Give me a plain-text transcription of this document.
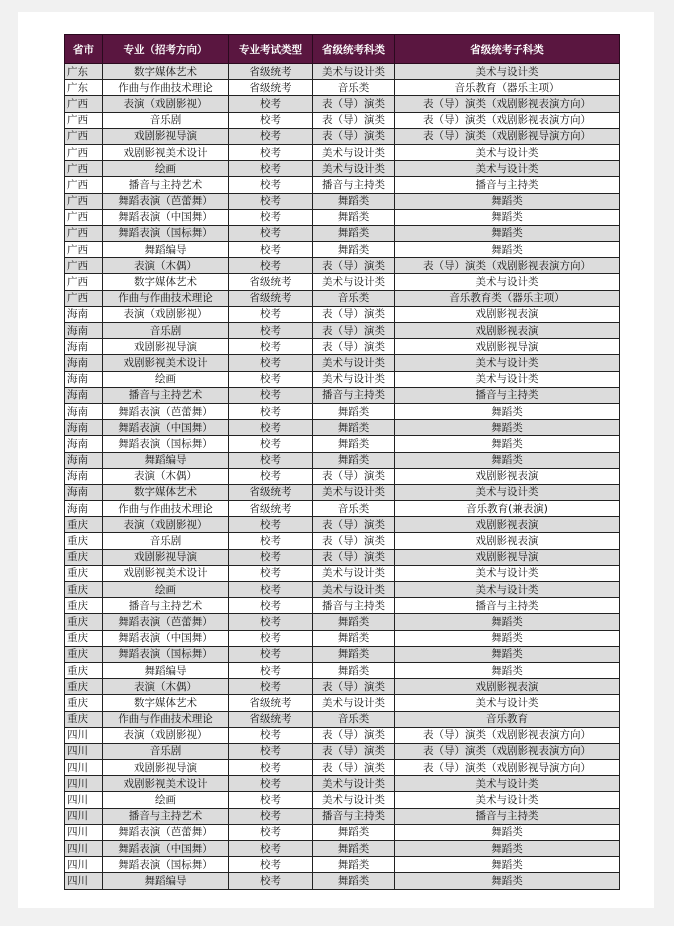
省市	专业（招考方向）	专业考试类型	省级统考科类	省级统考子科类
广东	数字媒体艺术	省级统考	美术与设计类	美术与设计类
广东	作曲与作曲技术理论	省级统考	音乐类	音乐教育（器乐主项）
广西	表演（戏剧影视）	校考	表（导）演类	表（导）演类（戏剧影视表演方向）
广西	音乐剧	校考	表（导）演类	表（导）演类（戏剧影视表演方向）
广西	戏剧影视导演	校考	表（导）演类	表（导）演类（戏剧影视导演方向）
广西	戏剧影视美术设计	校考	美术与设计类	美术与设计类
广西	绘画	校考	美术与设计类	美术与设计类
广西	播音与主持艺术	校考	播音与主持类	播音与主持类
广西	舞蹈表演（芭蕾舞）	校考	舞蹈类	舞蹈类
广西	舞蹈表演（中国舞）	校考	舞蹈类	舞蹈类
广西	舞蹈表演（国标舞）	校考	舞蹈类	舞蹈类
广西	舞蹈编导	校考	舞蹈类	舞蹈类
广西	表演（木偶）	校考	表（导）演类	表（导）演类（戏剧影视表演方向）
广西	数字媒体艺术	省级统考	美术与设计类	美术与设计类
广西	作曲与作曲技术理论	省级统考	音乐类	音乐教育类（器乐主项）
海南	表演（戏剧影视）	校考	表（导）演类	戏剧影视表演
海南	音乐剧	校考	表（导）演类	戏剧影视表演
海南	戏剧影视导演	校考	表（导）演类	戏剧影视导演
海南	戏剧影视美术设计	校考	美术与设计类	美术与设计类
海南	绘画	校考	美术与设计类	美术与设计类
海南	播音与主持艺术	校考	播音与主持类	播音与主持类
海南	舞蹈表演（芭蕾舞）	校考	舞蹈类	舞蹈类
海南	舞蹈表演（中国舞）	校考	舞蹈类	舞蹈类
海南	舞蹈表演（国标舞）	校考	舞蹈类	舞蹈类
海南	舞蹈编导	校考	舞蹈类	舞蹈类
海南	表演（木偶）	校考	表（导）演类	戏剧影视表演
海南	数字媒体艺术	省级统考	美术与设计类	美术与设计类
海南	作曲与作曲技术理论	省级统考	音乐类	音乐教育(兼表演)
重庆	表演（戏剧影视）	校考	表（导）演类	戏剧影视表演
重庆	音乐剧	校考	表（导）演类	戏剧影视表演
重庆	戏剧影视导演	校考	表（导）演类	戏剧影视导演
重庆	戏剧影视美术设计	校考	美术与设计类	美术与设计类
重庆	绘画	校考	美术与设计类	美术与设计类
重庆	播音与主持艺术	校考	播音与主持类	播音与主持类
重庆	舞蹈表演（芭蕾舞）	校考	舞蹈类	舞蹈类
重庆	舞蹈表演（中国舞）	校考	舞蹈类	舞蹈类
重庆	舞蹈表演（国标舞）	校考	舞蹈类	舞蹈类
重庆	舞蹈编导	校考	舞蹈类	舞蹈类
重庆	表演（木偶）	校考	表（导）演类	戏剧影视表演
重庆	数字媒体艺术	省级统考	美术与设计类	美术与设计类
重庆	作曲与作曲技术理论	省级统考	音乐类	音乐教育
四川	表演（戏剧影视）	校考	表（导）演类	表（导）演类（戏剧影视表演方向）
四川	音乐剧	校考	表（导）演类	表（导）演类（戏剧影视表演方向）
四川	戏剧影视导演	校考	表（导）演类	表（导）演类（戏剧影视导演方向）
四川	戏剧影视美术设计	校考	美术与设计类	美术与设计类
四川	绘画	校考	美术与设计类	美术与设计类
四川	播音与主持艺术	校考	播音与主持类	播音与主持类
四川	舞蹈表演（芭蕾舞）	校考	舞蹈类	舞蹈类
四川	舞蹈表演（中国舞）	校考	舞蹈类	舞蹈类
四川	舞蹈表演（国标舞）	校考	舞蹈类	舞蹈类
四川	舞蹈编导	校考	舞蹈类	舞蹈类
